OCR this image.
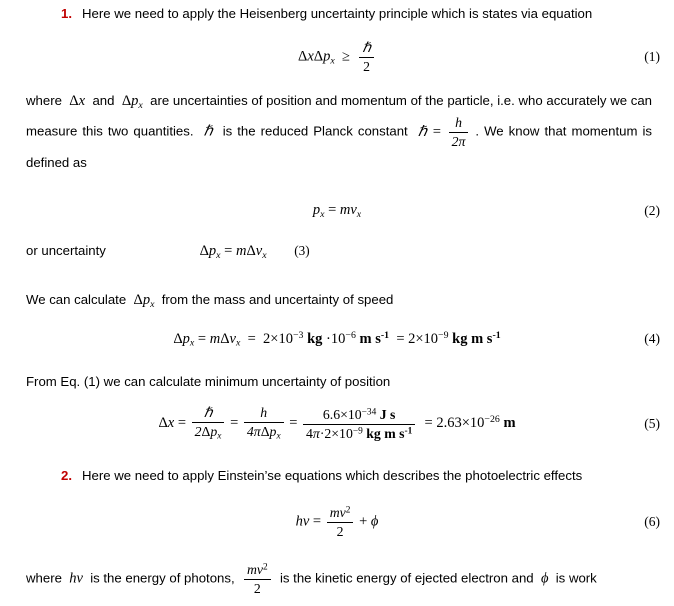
1. Here we need to apply the Heisenberg uncertainty principle which is states via equation
$\Delta x\Delta p_x \ge \frac{\text{ℏ}}{2}$	(1)
where Δx  and $\Delta p_x$ are uncertainties of position and momentum of the particle, i.e. who accurately we can measure this two quantities.  ℏ  is the reduced Planck constant  ℏ = $\frac{h}{2\pi}$ . We know that momentum is defined as
$p_x = mv_x$	(2)
or uncertainty	$\Delta p_x = m\Delta v_x$ (3)
We can calculate $\Delta p_x$ from the mass and uncertainty of speed
$\Delta p_x = m\Delta v_x = 2\times 10^{-3}$ kg $\cdot 10^{-6}$ m $s^{-1} = 2\times 10^{-9}$ kg m $s^{-1}$	(4)
From Eq. (1) we can calculate minimum uncertainty of position
$\Delta x = \frac{\text{ℏ}}{2\Delta p_x} = \frac{h}{4\pi\Delta p_x} = \frac{6.6\times 10^{-34} J s}{4\pi\cdot 2\times 10^{-9} kg m s^{-1}} = 2.63\times 10^{-26}$ m	(5)
2. Here we need to apply Einstein’se equations which describes the photoelectric effects
$h\nu = \frac{mv^2}{2} + \phi$	(6)
where  hν  is the energy of photons, $\frac{mv^2}{2}$ is the kinetic energy of ejected electron and  ϕ  is work
